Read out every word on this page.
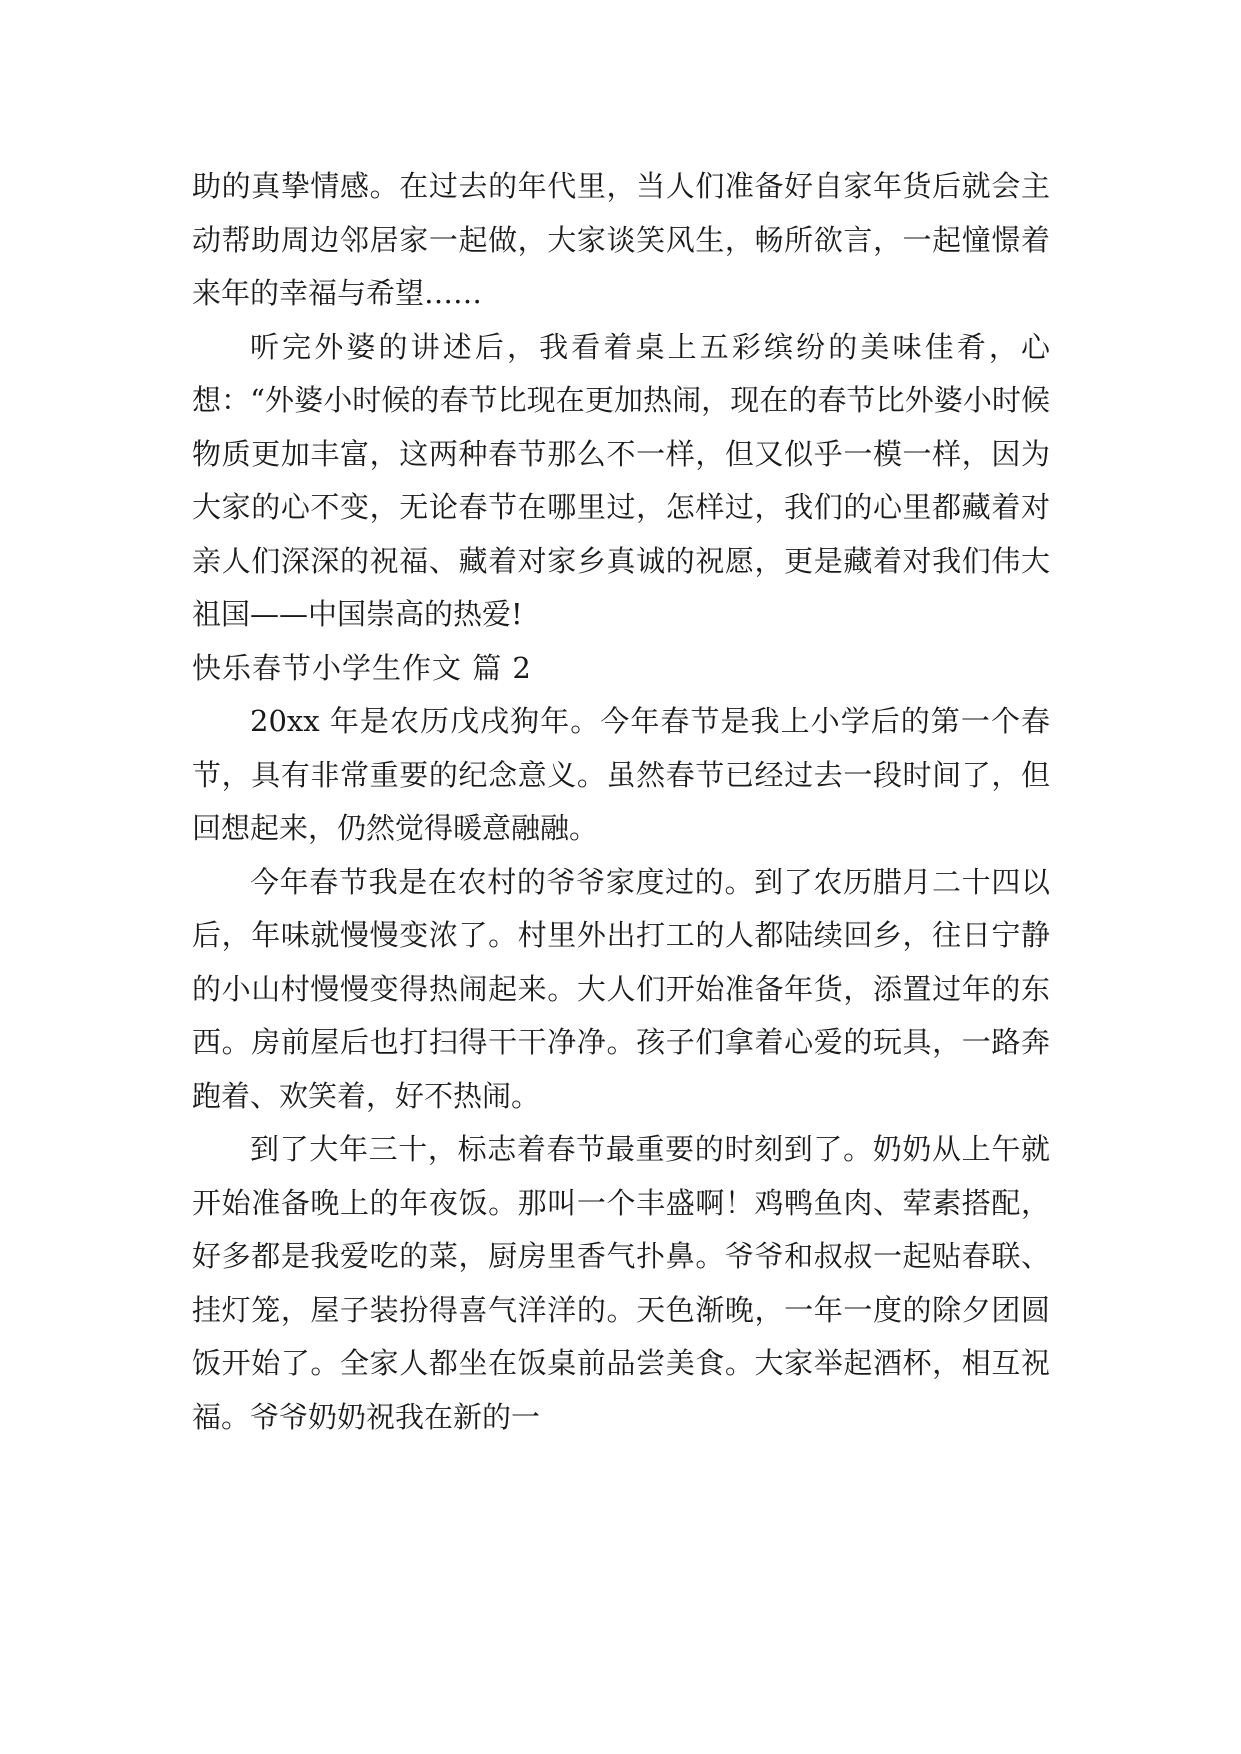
助的真挚情感。在过去的年代里，当人们准备好自家年货后就会主动帮助周边邻居家一起做，大家谈笑风生，畅所欲言，一起憧憬着来年的幸福与希望……

听完外婆的讲述后，我看着桌上五彩缤纷的美味佳肴，心想：“外婆小时候的春节比现在更加热闹，现在的春节比外婆小时候物质更加丰富，这两种春节那么不一样，但又似乎一模一样，因为大家的心不变，无论春节在哪里过，怎样过，我们的心里都藏着对亲人们深深的祝福、藏着对家乡真诚的祝愿，更是藏着对我们伟大祖国——中国崇高的热爱!

快乐春节小学生作文 篇 2

20xx 年是农历戊戌狗年。今年春节是我上小学后的第一个春节，具有非常重要的纪念意义。虽然春节已经过去一段时间了，但回想起来，仍然觉得暖意融融。

今年春节我是在农村的爷爷家度过的。到了农历腊月二十四以后，年味就慢慢变浓了。村里外出打工的人都陆续回乡，往日宁静的小山村慢慢变得热闹起来。大人们开始准备年货，添置过年的东西。房前屋后也打扫得干干净净。孩子们拿着心爱的玩具，一路奔跑着、欢笑着，好不热闹。

到了大年三十，标志着春节最重要的时刻到了。奶奶从上午就开始准备晚上的年夜饭。那叫一个丰盛啊！鸡鸭鱼肉、荤素搭配，好多都是我爱吃的菜，厨房里香气扑鼻。爷爷和叔叔一起贴春联、挂灯笼，屋子装扮得喜气洋洋的。天色渐晚，一年一度的除夕团圆饭开始了。全家人都坐在饭桌前品尝美食。大家举起酒杯，相互祝福。爷爷奶奶祝我在新的一
